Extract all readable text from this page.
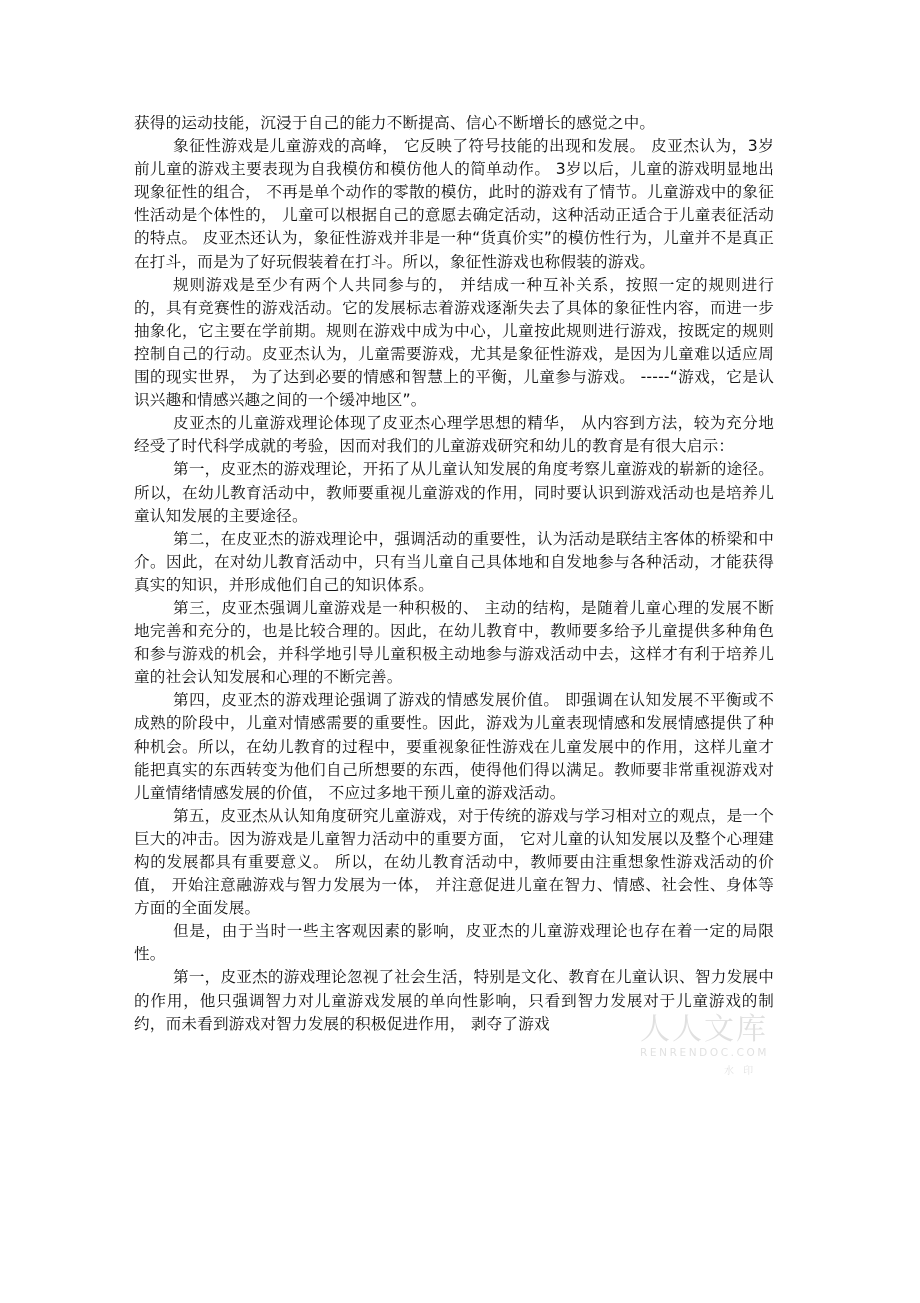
获得的运动技能，沉浸于自己的能力不断提高、信心不断增长的感觉之中。

象征性游戏是儿童游戏的高峰， 它反映了符号技能的出现和发展。 皮亚杰认为，3岁前儿童的游戏主要表现为自我模仿和模仿他人的简单动作。 3岁以后，儿童的游戏明显地出现象征性的组合， 不再是单个动作的零散的模仿，此时的游戏有了情节。儿童游戏中的象征性活动是个体性的， 儿童可以根据自己的意愿去确定活动，这种活动正适合于儿童表征活动的特点。 皮亚杰还认为，象征性游戏并非是一种“货真价实”的模仿性行为，儿童并不是真正在打斗，而是为了好玩假装着在打斗。所以，象征性游戏也称假装的游戏。

规则游戏是至少有两个人共同参与的， 并结成一种互补关系，按照一定的规则进行的，具有竞赛性的游戏活动。它的发展标志着游戏逐渐失去了具体的象征性内容，而进一步抽象化，它主要在学前期。规则在游戏中成为中心，儿童按此规则进行游戏，按既定的规则控制自己的行动。皮亚杰认为，儿童需要游戏，尤其是象征性游戏，是因为儿童难以适应周围的现实世界， 为了达到必要的情感和智慧上的平衡，儿童参与游戏。 -----“游戏，它是认识兴趣和情感兴趣之间的一个缓冲地区”。

皮亚杰的儿童游戏理论体现了皮亚杰心理学思想的精华， 从内容到方法，较为充分地经受了时代科学成就的考验，因而对我们的儿童游戏研究和幼儿的教育是有很大启示：

第一，皮亚杰的游戏理论，开拓了从儿童认知发展的角度考察儿童游戏的崭新的途径。所以，在幼儿教育活动中，教师要重视儿童游戏的作用，同时要认识到游戏活动也是培养儿童认知发展的主要途径。

第二，在皮亚杰的游戏理论中，强调活动的重要性，认为活动是联结主客体的桥梁和中介。因此，在对幼儿教育活动中，只有当儿童自己具体地和自发地参与各种活动，才能获得真实的知识，并形成他们自己的知识体系。

第三，皮亚杰强调儿童游戏是一种积极的、 主动的结构，是随着儿童心理的发展不断地完善和充分的，也是比较合理的。因此，在幼儿教育中，教师要多给予儿童提供多种角色和参与游戏的机会，并科学地引导儿童积极主动地参与游戏活动中去，这样才有利于培养儿童的社会认知发展和心理的不断完善。

第四，皮亚杰的游戏理论强调了游戏的情感发展价值。 即强调在认知发展不平衡或不成熟的阶段中，儿童对情感需要的重要性。因此，游戏为儿童表现情感和发展情感提供了种种机会。所以，在幼儿教育的过程中，要重视象征性游戏在儿童发展中的作用，这样儿童才能把真实的东西转变为他们自己所想要的东西，使得他们得以满足。教师要非常重视游戏对儿童情绪情感发展的价值， 不应过多地干预儿童的游戏活动。

第五，皮亚杰从认知角度研究儿童游戏，对于传统的游戏与学习相对立的观点，是一个巨大的冲击。因为游戏是儿童智力活动中的重要方面， 它对儿童的认知发展以及整个心理建构的发展都具有重要意义。 所以，在幼儿教育活动中，教师要由注重想象性游戏活动的价值， 开始注意融游戏与智力发展为一体， 并注意促进儿童在智力、情感、社会性、身体等方面的全面发展。

但是，由于当时一些主客观因素的影响，皮亚杰的儿童游戏理论也存在着一定的局限性。

第一，皮亚杰的游戏理论忽视了社会生活，特别是文化、教育在儿童认识、智力发展中的作用，他只强调智力对儿童游戏发展的单向性影响，只看到智力发展对于儿童游戏的制约，而未看到游戏对智力发展的积极促进作用， 剥夺了游戏	人人文库
RENRENDOC.COM
水 印
